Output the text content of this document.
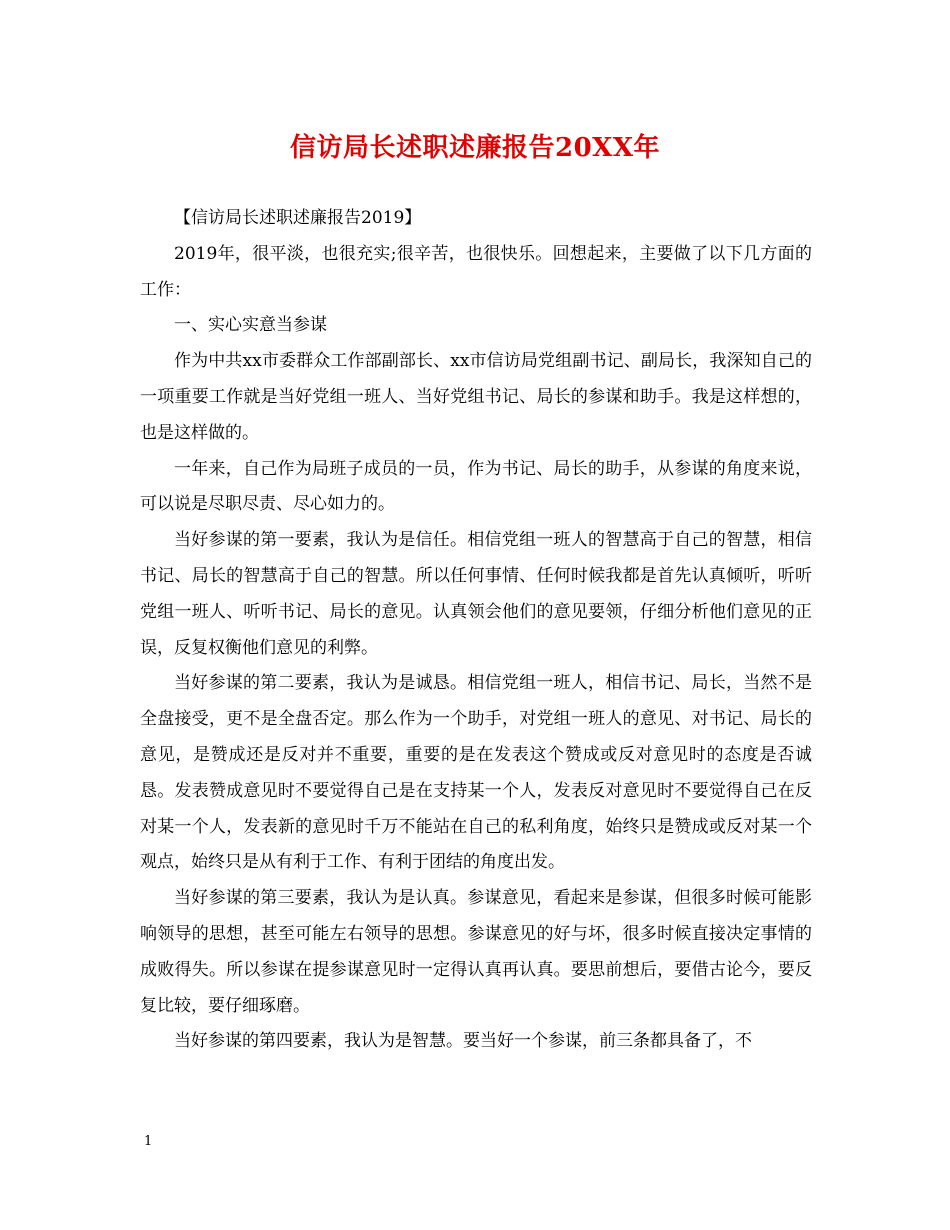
信访局长述职述廉报告20XX年

【信访局长述职述廉报告2019】

2019年，很平淡，也很充实;很辛苦，也很快乐。回想起来，主要做了以下几方面的工作：

一、实心实意当参谋

作为中共xx市委群众工作部副部长、xx市信访局党组副书记、副局长，我深知自己的一项重要工作就是当好党组一班人、当好党组书记、局长的参谋和助手。我是这样想的，也是这样做的。

一年来，自己作为局班子成员的一员，作为书记、局长的助手，从参谋的角度来说，可以说是尽职尽责、尽心如力的。

当好参谋的第一要素，我认为是信任。相信党组一班人的智慧高于自己的智慧，相信书记、局长的智慧高于自己的智慧。所以任何事情、任何时候我都是首先认真倾听，听听党组一班人、听听书记、局长的意见。认真领会他们的意见要领，仔细分析他们意见的正误，反复权衡他们意见的利弊。

当好参谋的第二要素，我认为是诚恳。相信党组一班人，相信书记、局长，当然不是全盘接受，更不是全盘否定。那么作为一个助手，对党组一班人的意见、对书记、局长的意见，是赞成还是反对并不重要，重要的是在发表这个赞成或反对意见时的态度是否诚恳。发表赞成意见时不要觉得自己是在支持某一个人，发表反对意见时不要觉得自己在反对某一个人，发表新的意见时千万不能站在自己的私利角度，始终只是赞成或反对某一个观点，始终只是从有利于工作、有利于团结的角度出发。

当好参谋的第三要素，我认为是认真。参谋意见，看起来是参谋，但很多时候可能影响领导的思想，甚至可能左右领导的思想。参谋意见的好与坏，很多时候直接决定事情的成败得失。所以参谋在提参谋意见时一定得认真再认真。要思前想后，要借古论今，要反复比较，要仔细琢磨。

当好参谋的第四要素，我认为是智慧。要当好一个参谋，前三条都具备了，不

1
